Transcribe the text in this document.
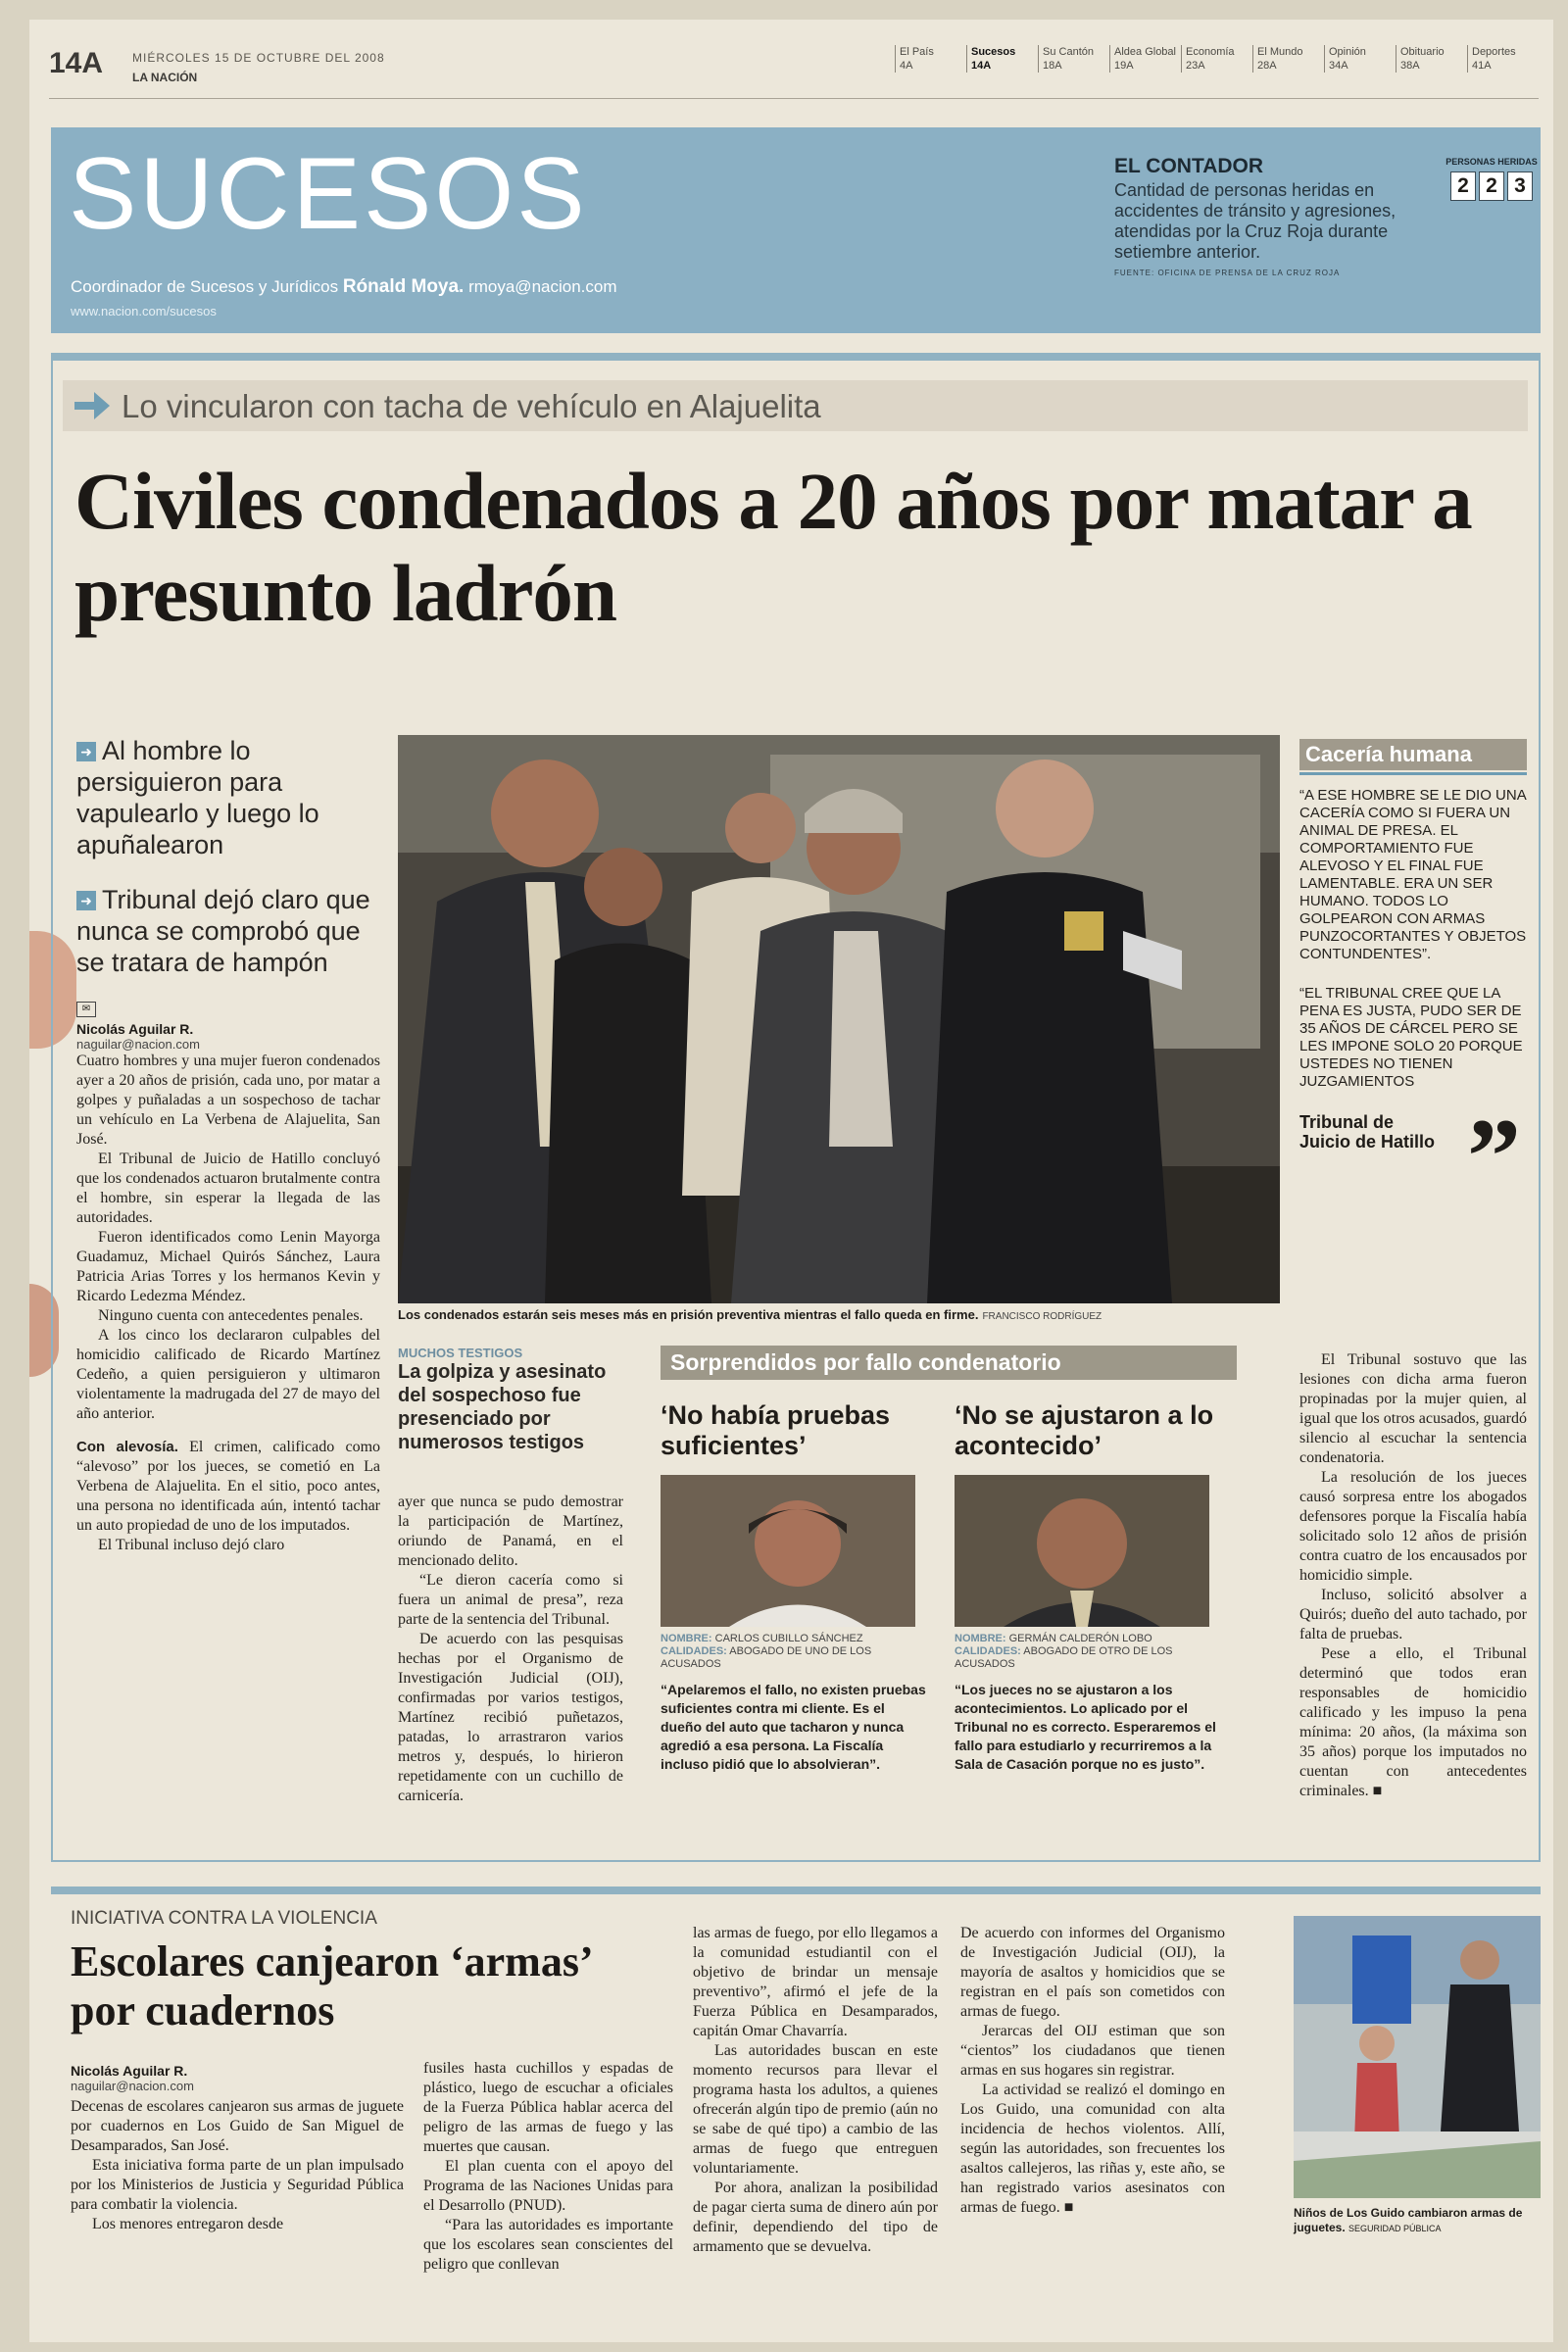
14A MIÉRCOLES 15 DE OCTUBRE DEL 2008
LA NACIÓN
El País
4A
Sucesos
14A
Su Cantón
18A
Aldea Global
19A
Economía
23A
El Mundo
28A
Opinión
34A
Obituario
38A
Deportes
41A
SUCESOS
Coordinador de Sucesos y Jurídicos Rónald Moya. rmoya@nacion.com
www.nacion.com/sucesos
EL CONTADOR
Cantidad de personas heridas en accidentes de tránsito y agresiones, atendidas por la Cruz Roja durante setiembre anterior.
FUENTE: OFICINA DE PRENSA DE LA CRUZ ROJA
PERSONAS HERIDAS
2 2 3
Lo vincularon con tacha de vehículo en Alajuelita
Civiles condenados a 20 años por matar a presunto ladrón
➜ Al hombre lo persiguieron para vapulearlo y luego lo apuñalearon
➜ Tribunal dejó claro que nunca se comprobó que se tratara de hampón
✉
Nicolás Aguilar R.
naguilar@nacion.com

Cuatro hombres y una mujer fueron condenados ayer a 20 años de prisión, cada uno, por matar a golpes y puñaladas a un sospechoso de tachar un vehículo en La Verbena de Alajuelita, San José.

El Tribunal de Juicio de Hatillo concluyó que los condenados actuaron brutalmente contra el hombre, sin esperar la llegada de las autoridades.

Fueron identificados como Lenin Mayorga Guadamuz, Michael Quirós Sánchez, Laura Patricia Arias Torres y los hermanos Kevin y Ricardo Ledezma Méndez.

Ninguno cuenta con antecedentes penales.

A los cinco los declararon culpables del homicidio calificado de Ricardo Martínez Cedeño, a quien persiguieron y ultimaron violentamente la madrugada del 27 de mayo del año anterior.

Con alevosía. El crimen, calificado como “alevoso” por los jueces, se cometió en La Verbena de Alajuelita. En el sitio, poco antes, una persona no identificada aún, intentó tachar un auto propiedad de uno de los imputados.

El Tribunal incluso dejó claro

Los condenados estarán seis meses más en prisión preventiva mientras el fallo queda en firme. FRANCISCO RODRÍGUEZ
Cacería humana
“A ESE HOMBRE SE LE DIO UNA CACERÍA COMO SI FUERA UN ANIMAL DE PRESA. EL COMPORTAMIENTO FUE ALEVOSO Y EL FINAL FUE LAMENTABLE. ERA UN SER HUMANO. TODOS LO GOLPEARON CON ARMAS PUNZOCORTANTES Y OBJETOS CONTUNDENTES”.
“EL TRIBUNAL CREE QUE LA PENA ES JUSTA, PUDO SER DE 35 AÑOS DE CÁRCEL PERO SE LES IMPONE SOLO 20 PORQUE USTEDES NO TIENEN JUZGAMIENTOS
Tribunal de Juicio de Hatillo ”

El Tribunal sostuvo que las lesiones con dicha arma fueron propinadas por la mujer quien, al igual que los otros acusados, guardó silencio al escuchar la sentencia condenatoria.

La resolución de los jueces causó sorpresa entre los abogados defensores porque la Fiscalía había solicitado solo 12 años de prisión contra cuatro de los encausados por homicidio simple.

Incluso, solicitó absolver a Quirós; dueño del auto tachado, por falta de pruebas.

Pese a ello, el Tribunal determinó que todos eran responsables de homicidio calificado y les impuso la pena mínima: 20 años, (la máxima son 35 años) porque los imputados no cuentan con antecedentes criminales. ■

MUCHOS TESTIGOS
La golpiza y asesinato del sospechoso fue presenciado por numerosos testigos

ayer que nunca se pudo demostrar la participación de Martínez, oriundo de Panamá, en el mencionado delito.

“Le dieron cacería como si fuera un animal de presa”, reza parte de la sentencia del Tribunal.

De acuerdo con las pesquisas hechas por el Organismo de Investigación Judicial (OIJ), confirmadas por varios testigos, Martínez recibió puñetazos, patadas, lo arrastraron varios metros y, después, lo hirieron repetidamente con un cuchillo de carnicería.

Sorprendidos por fallo condenatorio
‘No había pruebas suficientes’
NOMBRE: CARLOS CUBILLO SÁNCHEZ
CALIDADES: ABOGADO DE UNO DE LOS ACUSADOS
“Apelaremos el fallo, no existen pruebas suficientes contra mi cliente. Es el dueño del auto que tacharon y nunca agredió a esa persona. La Fiscalía incluso pidió que lo absolvieran”.
‘No se ajustaron a lo acontecido’
NOMBRE: GERMÁN CALDERÓN LOBO
CALIDADES: ABOGADO DE OTRO DE LOS ACUSADOS
“Los jueces no se ajustaron a los acontecimientos. Lo aplicado por el Tribunal no es correcto. Esperaremos el fallo para estudiarlo y recurriremos a la Sala de Casación porque no es justo”.
INICIATIVA CONTRA LA VIOLENCIA
Escolares canjearon ‘armas’ por cuadernos
Nicolás Aguilar R.
naguilar@nacion.com

Decenas de escolares canjearon sus armas de juguete por cuadernos en Los Guido de San Miguel de Desamparados, San José.

Esta iniciativa forma parte de un plan impulsado por los Ministerios de Justicia y Seguridad Pública para combatir la violencia.

Los menores entregaron desde

fusiles hasta cuchillos y espadas de plástico, luego de escuchar a oficiales de la Fuerza Pública hablar acerca del peligro de las armas de fuego y las muertes que causan.

El plan cuenta con el apoyo del Programa de las Naciones Unidas para el Desarrollo (PNUD).

“Para las autoridades es importante que los escolares sean conscientes del peligro que conllevan

las armas de fuego, por ello llegamos a la comunidad estudiantil con el objetivo de brindar un mensaje preventivo”, afirmó el jefe de la Fuerza Pública en Desamparados, capitán Omar Chavarría.

Las autoridades buscan en este momento recursos para llevar el programa hasta los adultos, a quienes ofrecerán algún tipo de premio (aún no se sabe de qué tipo) a cambio de las armas de fuego que entreguen voluntariamente.

Por ahora, analizan la posibilidad de pagar cierta suma de dinero aún por definir, dependiendo del tipo de armamento que se devuelva.

De acuerdo con informes del Organismo de Investigación Judicial (OIJ), la mayoría de asaltos y homicidios que se registran en el país son cometidos con armas de fuego.

Jerarcas del OIJ estiman que son “cientos” los ciudadanos que tienen armas en sus hogares sin registrar.

La actividad se realizó el domingo en Los Guido, una comunidad con alta incidencia de hechos violentos. Allí, según las autoridades, son frecuentes los asaltos callejeros, las riñas y, este año, se han registrado varios asesinatos con armas de fuego. ■	Niños de Los Guido cambiaron armas de juguetes. SEGURIDAD PÚBLICA
